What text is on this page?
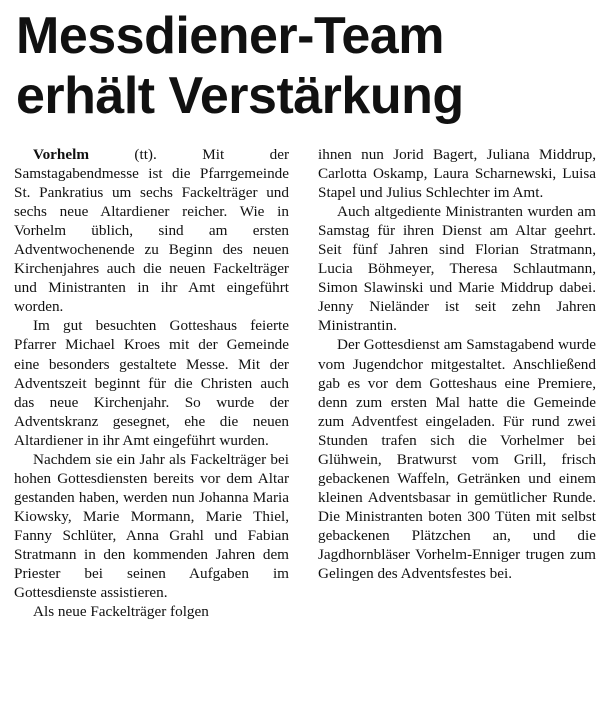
Messdiener-Team
erhält Verstärkung

Vorhelm (tt). Mit der Samstagabendmesse ist die Pfarrgemeinde St. Pankratius um sechs Fackelträger und sechs neue Altardiener reicher. Wie in Vorhelm üblich, sind am ersten Adventwochenende zu Beginn des neuen Kirchenjahres auch die neuen Fackelträger und Ministranten in ihr Amt eingeführt worden.

Im gut besuchten Gotteshaus feierte Pfarrer Michael Kroes mit der Gemeinde eine besonders gestaltete Messe. Mit der Adventszeit beginnt für die Christen auch das neue Kirchenjahr. So wurde der Adventskranz gesegnet, ehe die neuen Altardiener in ihr Amt eingeführt wurden.

Nachdem sie ein Jahr als Fackelträger bei hohen Gottesdiensten bereits vor dem Altar gestanden haben, werden nun Johanna Maria Kiowsky, Marie Mormann, Marie Thiel, Fanny Schlüter, Anna Grahl und Fabian Stratmann in den kommenden Jahren dem Priester bei seinen Aufgaben im Gottesdienste assistieren.

Als neue Fackelträger folgen

ihnen nun Jorid Bagert, Juliana Middrup, Carlotta Oskamp, Laura Scharnewski, Luisa Stapel und Julius Schlechter im Amt.

Auch altgediente Ministranten wurden am Samstag für ihren Dienst am Altar geehrt. Seit fünf Jahren sind Florian Stratmann, Lucia Böhmeyer, Theresa Schlautmann, Simon Slawinski und Marie Middrup dabei. Jenny Nieländer ist seit zehn Jahren Ministrantin.

Der Gottesdienst am Samstagabend wurde vom Jugendchor mitgestaltet. Anschließend gab es vor dem Gotteshaus eine Premiere, denn zum ersten Mal hatte die Gemeinde zum Adventfest eingeladen. Für rund zwei Stunden trafen sich die Vorhelmer bei Glühwein, Bratwurst vom Grill, frisch gebackenen Waffeln, Getränken und einem kleinen Adventsbasar in gemütlicher Runde. Die Ministranten boten 300 Tüten mit selbst gebackenen Plätzchen an, und die Jagdhornbläser Vorhelm-Enniger trugen zum Gelingen des Adventsfestes bei.
